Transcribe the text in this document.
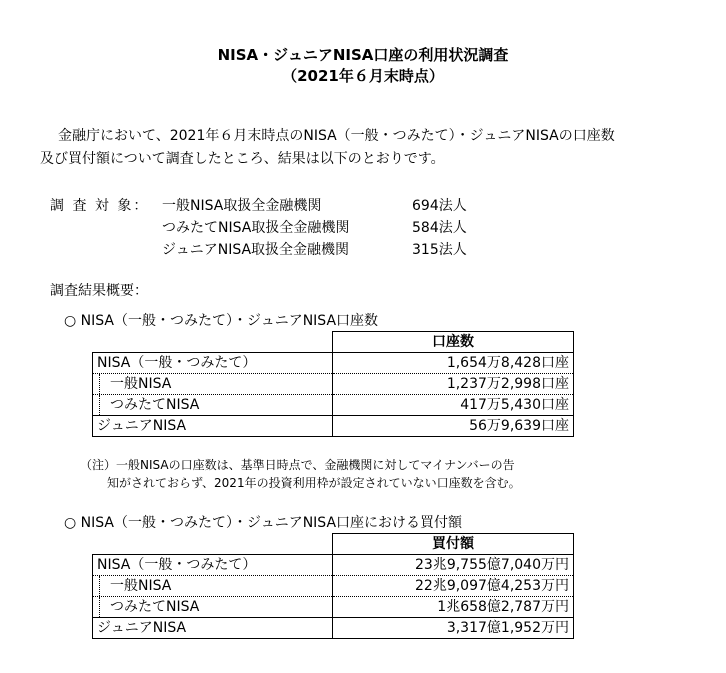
NISA・ジュニアNISA口座の利用状況調査
（2021年６月末時点）
金融庁において、2021年６月末時点のNISA（一般・つみたて）・ジュニアNISAの口座数
及び買付額について調査したところ、結果は以下のとおりです。
調 査 対 象： 一般NISA取扱全金融機関	694法人
つみたてNISA取扱全金融機関	584法人
ジュニアNISA取扱全金融機関	315法人
調査結果概要：
○ NISA（一般・つみたて）・ジュニアNISA口座数
	口座数
NISA（一般・つみたて）	1,654万8,428口座
一般NISA	1,237万2,998口座
つみたてNISA	417万5,430口座
ジュニアNISA	56万9,639口座
（注）一般NISAの口座数は、基準日時点で、金融機関に対してマイナンバーの告
知がされておらず、2021年の投資利用枠が設定されていない口座数を含む。
○ NISA（一般・つみたて）・ジュニアNISA口座における買付額
	買付額
NISA（一般・つみたて）	23兆9,755億7,040万円
一般NISA	22兆9,097億4,253万円
つみたてNISA	1兆658億2,787万円
ジュニアNISA	3,317億1,952万円
